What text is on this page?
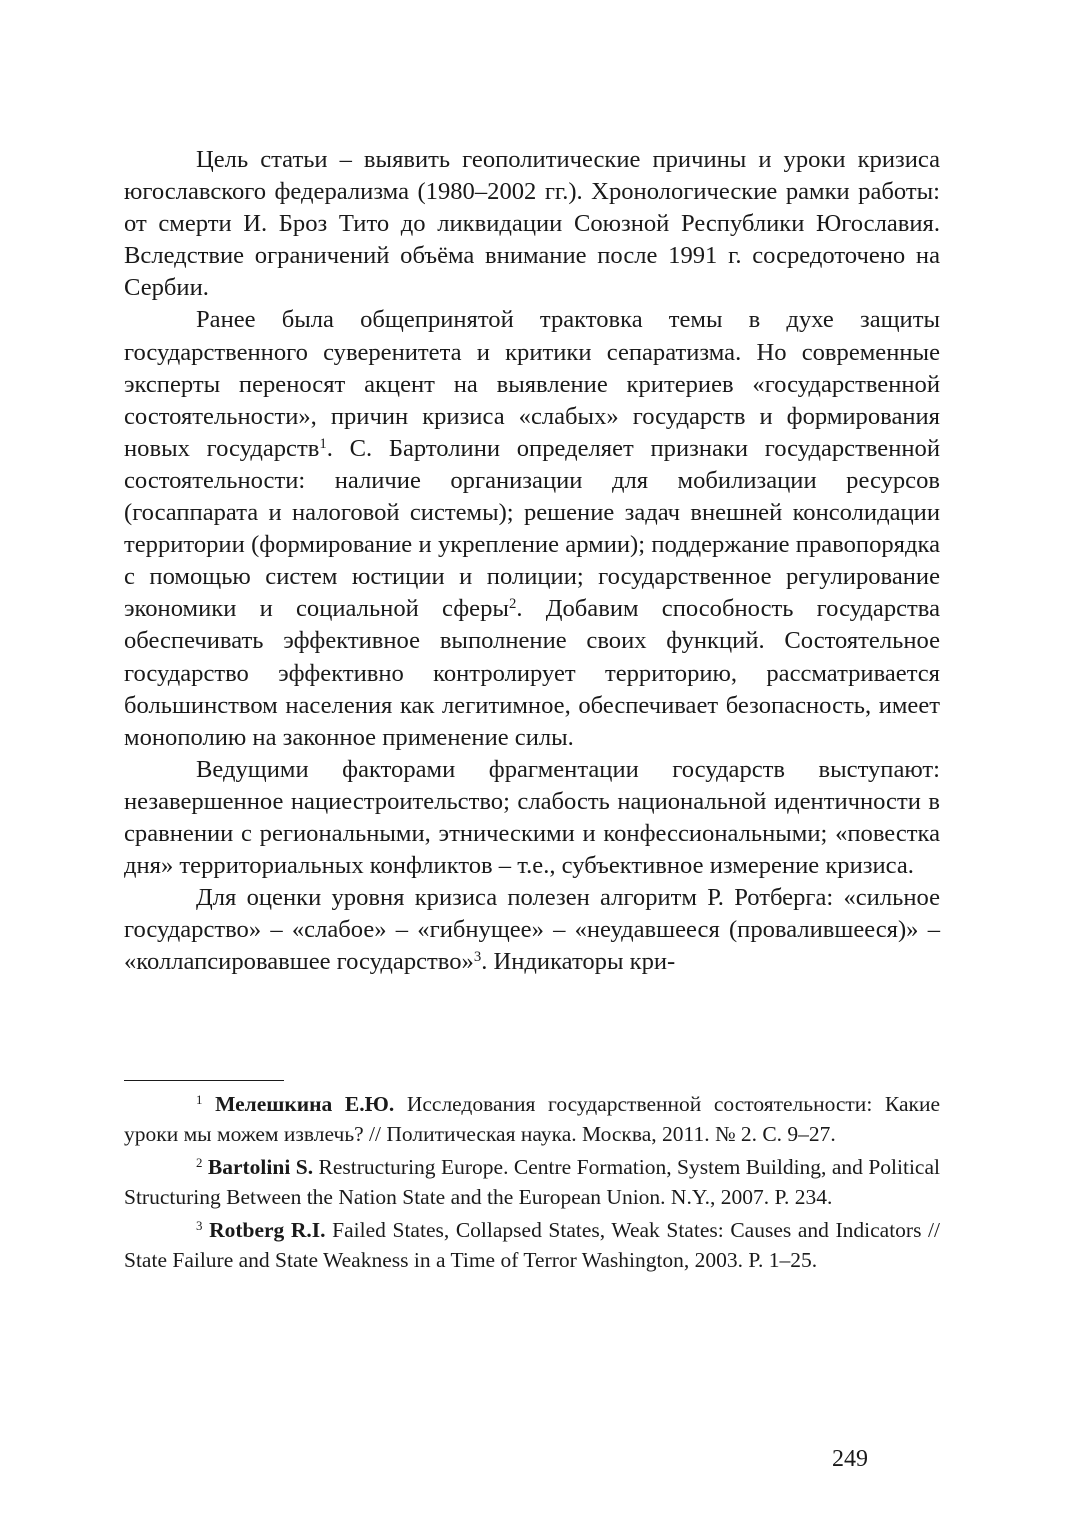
Цель статьи – выявить геополитические причины и уроки кризиса югославского федерализма (1980–2002 гг.). Хронологические рамки работы: от смерти И. Броз Тито до ликвидации Союзной Республики Югославия. Вследствие ограничений объёма внимание после 1991 г. сосредоточено на Сербии.

Ранее была общепринятой трактовка темы в духе защиты государственного суверенитета и критики сепаратизма. Но современные эксперты переносят акцент на выявление критериев «государственной состоятельности», причин кризиса «слабых» государств и формирования новых государств$^1$. С. Бартолини определяет признаки государственной состоятельности: наличие организации для мобилизации ресурсов (госаппарата и налоговой системы); решение задач внешней консолидации территории (формирование и укрепление армии); поддержание правопорядка с помощью систем юстиции и полиции; государственное регулирование экономики и социальной сферы$^2$. Добавим способность государства обеспечивать эффективное выполнение своих функций. Состоятельное государство эффективно контролирует территорию, рассматривается большинством населения как легитимное, обеспечивает безопасность, имеет монополию на законное применение силы.

Ведущими факторами фрагментации государств выступают: незавершенное нациестроительство; слабость национальной идентичности в сравнении с региональными, этническими и конфессиональными; «повестка дня» территориальных конфликтов – т.е., субъективное измерение кризиса.

Для оценки уровня кризиса полезен алгоритм Р. Ротберга: «сильное государство» – «слабое» – «гибнущее» – «неудавшееся (провалившееся)» – «коллапсировавшее государство»$^3$. Индикаторы кри-

$^1$ Мелешкина Е.Ю. Исследования государственной состоятельности: Какие уроки мы можем извлечь? // Политическая наука. Москва, 2011. № 2. С. 9–27.

$^2$ Bartolini S. Restructuring Europe. Centre Formation, System Building, and Political Structuring Between the Nation State and the European Union. N.Y., 2007. P. 234.

$^3$ Rotberg R.I. Failed States, Collapsed States, Weak States: Causes and Indicators // State Failure and State Weakness in a Time of Terror Washington, 2003. P. 1–25.

249
